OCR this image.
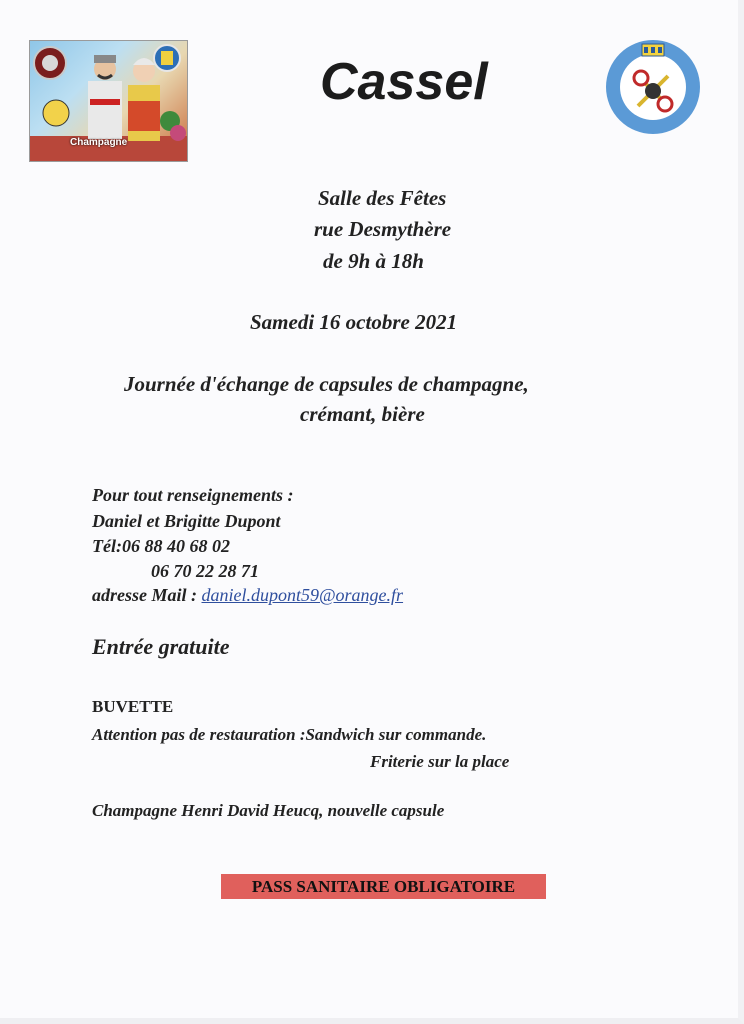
Champagne
Cassel

Salle des Fêtes

rue Desmythère

de 9h à 18h

Samedi 16 octobre 2021

Journée d'échange de capsules de champagne,

crémant, bière

Pour tout renseignements :

Daniel et Brigitte Dupont

Tél:06 88 40 68 02

06 70 22 28 71

adresse Mail : daniel.dupont59@orange.fr

Entrée gratuite

BUVETTE

Attention pas de restauration :Sandwich sur commande.

Friterie sur la place

Champagne Henri David Heucq, nouvelle capsule

PASS SANITAIRE OBLIGATOIRE
